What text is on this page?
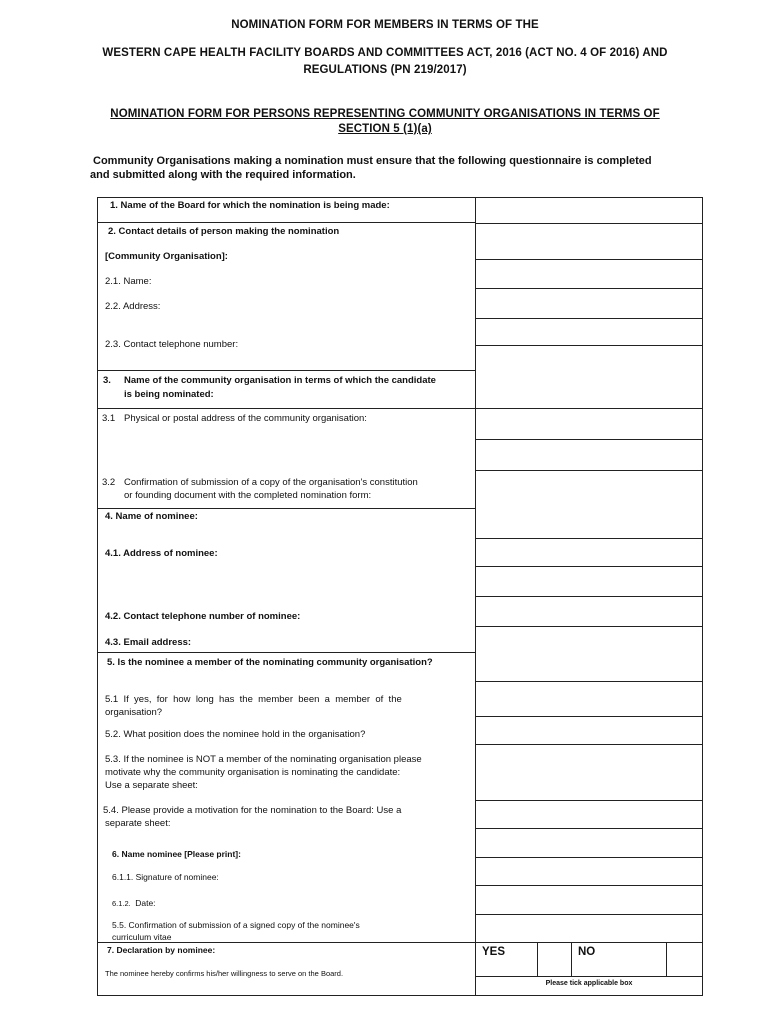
NOMINATION FORM FOR MEMBERS IN TERMS OF THE
WESTERN CAPE HEALTH FACILITY BOARDS AND COMMITTEES ACT, 2016 (ACT NO. 4 OF 2016) AND
REGULATIONS (PN 219/2017)
NOMINATION FORM FOR PERSONS REPRESENTING COMMUNITY ORGANISATIONS IN TERMS OF
SECTION 5 (1)(a)
Community Organisations making a nomination must ensure that the following questionnaire is completed
and submitted along with the required information.
1. Name of the Board for which the nomination is being made:
2. Contact details of person making the nomination
[Community Organisation]:
2.1. Name:
2.2. Address:
2.3. Contact telephone number:
3. Name of the community organisation in terms of which the candidate
is being nominated:
3.1 Physical or postal address of the community organisation:
3.2 Confirmation of submission of a copy of the organisation's constitution
or founding document with the completed nomination form:
4. Name of nominee:
4.1. Address of nominee:
4.2. Contact telephone number of nominee:
4.3. Email address:
5. Is the nominee a member of the nominating community organisation?
5.1  If  yes,  for  how  long  has  the  member  been  a  member  of  the
organisation?
5.2. What position does the nominee hold in the organisation?
5.3. If the nominee is NOT a member of the nominating organisation please
motivate why the community organisation is nominating the candidate:
Use a separate sheet:
5.4. Please provide a motivation for the nomination to the Board: Use a
separate sheet:
6. Name nominee [Please print]:
6.1.1. Signature of nominee:
6.1.2. Date:
5.5. Confirmation of submission of a signed copy of the nominee's
curriculum vitae
7. Declaration by nominee:
The nominee hereby confirms his/her willingness to serve on the Board.
YES	NO
Please tick applicable box
